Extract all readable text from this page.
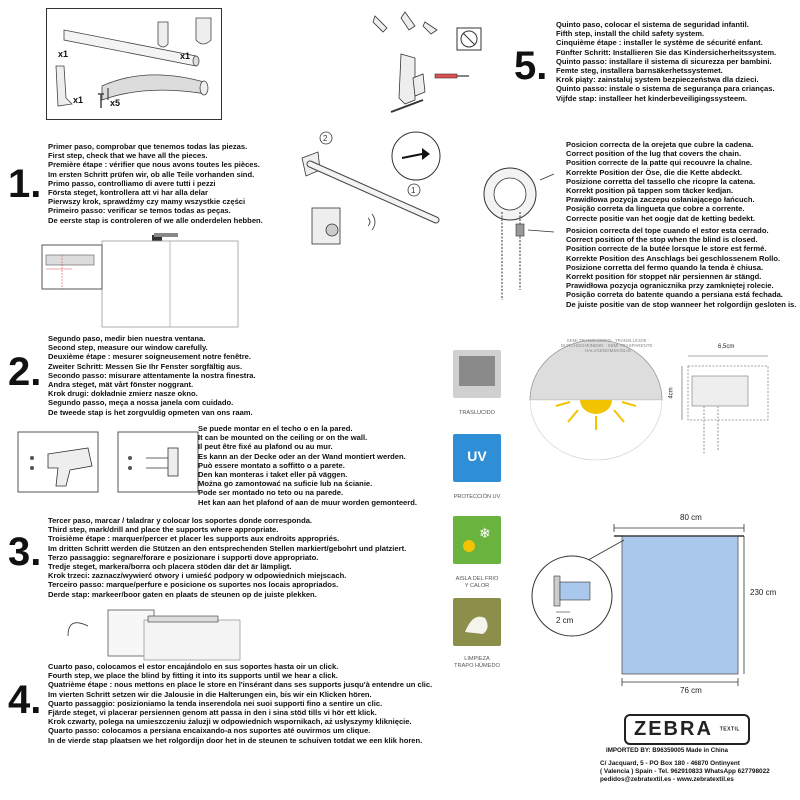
x1	x1
x1	x5
5.
Quinto paso, colocar el sistema de seguridad infantil.
Fifth step, install the child safety system.
Cinquième étape : installer le système de sécurité enfant.
Fünfter Schritt: Installieren Sie das Kindersicherheitssystem.
Quinto passo: installare il sistema di sicurezza per bambini.
Femte steg, installera barnsäkerhetssystemet.
Krok piąty: zainstaluj system bezpieczeństwa dla dzieci.
Quinto passo: instale o sistema de segurança para crianças.
Vijfde stap: installeer het kinderbeveiligingssysteem.
1.
Primer paso, comprobar que tenemos todas las piezas.
First step, check that we have all the pieces.
Première étape : vérifier que nous avons toutes les pièces.
Im ersten Schritt prüfen wir, ob alle Teile vorhanden sind.
Primo passo, controlliamo di avere tutti i pezzi
Första steget, kontrollera att vi har alla delar
Pierwszy krok, sprawdźmy czy mamy wszystkie części
Primeiro passo: verificar se temos todas as peças.
De eerste stap is controleren of we alle onderdelen hebben.
2
1
Posicion correcta de la orejeta que cubre la cadena.
Correct position of the lug that covers the chain.
Position correcte de la patte qui recouvre la chaîne.
Korrekte Position der Öse, die die Kette abdeckt.
Posizione corretta del tassello che ricopre la catena.
Korrekt position på tappen som täcker kedjan.
Prawidłowa pozycja zaczepu osłaniającego łańcuch.
Posição correta da lingueta que cobre a corrente.
Correcte positie van het oogje dat de ketting bedekt.
Posicion correcta del tope cuando el estor esta cerrado.
Correct position of the stop when the blind is closed.
Position correcte de la butée lorsque le store est fermé.
Korrekte Position des Anschlags bei geschlossenem Rollo.
Posizione corretta del fermo quando la tenda è chiusa.
Korrekt position för stoppet när persiennen är stängd.
Prawidłowa pozycja ogranicznika przy zamkniętej rolecie.
Posição correta do batente quando a persiana está fechada.
De juiste positie van de stop wanneer het rolgordijn gesloten is.
2.
Segundo paso, medir bien nuestra ventana.
Second step, measure our window carefully.
Deuxième étape : mesurer soigneusement notre fenêtre.
Zweiter Schritt: Messen Sie Ihr Fenster sorgfältig aus.
Secondo passo: misurare attentamente la nostra finestra.
Andra steget, mät vårt fönster noggrant.
Krok drugi: dokładnie zmierz nasze okno.
Segundo passo, meça a nossa janela com cuidado.
De tweede stap is het zorgvuldig opmeten van ons raam.
Se puede montar en el techo o en la pared.
It can be mounted on the ceiling or on the wall.
Il peut être fixé au plafond ou au mur.
Es kann an der Decke oder an der Wand montiert werden.
Può essere montato a soffitto o a parete.
Den kan monteras i taket eller på väggen.
Można go zamontować na suficie lub na ścianie.
Pode ser montado no teto ou na parede.
Het kan aan het plafond of aan de muur worden gemonteerd.
3.
Tercer paso, marcar / taladrar y colocar los soportes donde corresponda.
Third step, mark/drill and place the supports where appropriate.
Troisième étape : marquer/percer et placer les supports aux endroits appropriés.
Im dritten Schritt werden die Stützen an den entsprechenden Stellen markiert/gebohrt und platziert.
Terzo passaggio: segnare/forare e posizionare i supporti dove appropriato.
Tredje steget, markera/borra och placera stöden där det är lämpligt.
Krok trzeci: zaznacz/wywierć otwory i umieść podpory w odpowiednich miejscach.
Terceiro passo: marque/perfure e posicione os suportes nos locais apropriados.
Derde stap: markeer/boor gaten en plaats de steunen op de juiste plekken.
4.
Cuarto paso, colocamos el estor encajándolo en sus soportes hasta oir un click.
Fourth step, we place the blind by fitting it into its supports until we hear a click.
Quatrième étape : nous mettons en place le store en l'insérant dans ses supports jusqu'à entendre un clic.
Im vierten Schritt setzen wir die Jalousie in die Halterungen ein, bis wir ein Klicken hören.
Quarto passaggio: posizioniamo la tenda inserendola nei suoi supporti fino a sentire un clic.
Fjärde steget, vi placerar persiennen genom att passa in den i sina stöd tills vi hör ett klick.
Krok czwarty, polega na umieszczeniu żaluzji w odpowiednich wspornikach, aż usłyszymy kliknięcie.
Quarto passo: colocamos a persiana encaixando-a nos suportes até ouvirmos um clique.
In de vierde stap plaatsen we het rolgordijn door het in de steunen te schuiven totdat we een klik horen.
TRASLUCIDO
UV
PROTECCIÓN UV
❄
AISLA DEL FRIO
Y CALOR
LIMPIEZA
TRAPO HÚMEDO
SEMI TRANSLÚCIDO · TRANSLUCIDE · DURCHSCHEINEND · SEMI TRASPARENTE · HALVGENOMSKINLIG
6,5cm
4cm
80 cm
76 cm
230 cm
2 cm
ZEBRA TEXTIL
IMPORTED BY: B96359005 Made in China
C/ Jacquard, 5 - PO Box 180 - 46870 Ontinyent
( Valencia ) Spain - Tel. 962910833 WhatsApp 627798022
pedidos@zebratextil.es - www.zebratextil.es
